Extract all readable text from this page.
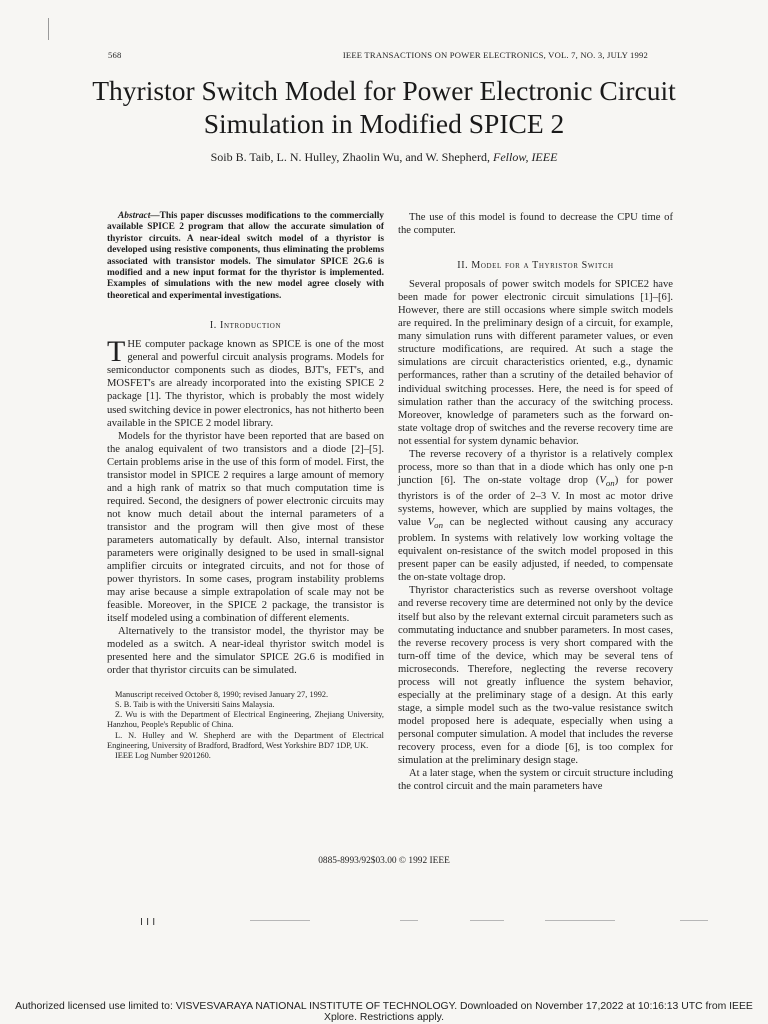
568	IEEE TRANSACTIONS ON POWER ELECTRONICS, VOL. 7, NO. 3, JULY 1992
Thyristor Switch Model for Power Electronic Circuit
Simulation in Modified SPICE 2
Soib B. Taib, L. N. Hulley, Zhaolin Wu, and W. Shepherd, Fellow, IEEE

Abstract—This paper discusses modifications to the commercially available SPICE 2 program that allow the accurate simulation of thyristor circuits. A near-ideal switch model of a thyristor is developed using resistive components, thus eliminating the problems associated with transistor models. The simulator SPICE 2G.6 is modified and a new input format for the thyristor is implemented. Examples of simulations with the new model agree closely with theoretical and experimental investigations.

I. Introduction

THE computer package known as SPICE is one of the most general and powerful circuit analysis programs. Models for semiconductor components such as diodes, BJT's, FET's, and MOSFET's are already incorporated into the existing SPICE 2 package [1]. The thyristor, which is probably the most widely used switching device in power electronics, has not hitherto been available in the SPICE 2 model library.

Models for the thyristor have been reported that are based on the analog equivalent of two transistors and a diode [2]–[5]. Certain problems arise in the use of this form of model. First, the transistor model in SPICE 2 requires a large amount of memory and a high rank of matrix so that much computation time is required. Second, the designers of power electronic circuits may not know much detail about the internal parameters of a transistor and the program will then give most of these parameters automatically by default. Also, internal transistor parameters were originally designed to be used in small-signal amplifier circuits or integrated circuits, and not for those of power thyristors. In some cases, program instability problems may arise because a simple extrapolation of scale may not be feasible. Moreover, in the SPICE 2 package, the transistor is itself modeled using a combination of different elements.

Alternatively to the transistor model, the thyristor may be modeled as a switch. A near-ideal thyristor switch model is presented here and the simulator SPICE 2G.6 is modified in order that thyristor circuits can be simulated.

Manuscript received October 8, 1990; revised January 27, 1992.

S. B. Taib is with the Universiti Sains Malaysia.

Z. Wu is with the Department of Electrical Engineering, Zhejiang University, Hanzhou, People's Republic of China.

L. N. Hulley and W. Shepherd are with the Department of Electrical Engineering, University of Bradford, Bradford, West Yorkshire BD7 1DP, UK.

IEEE Log Number 9201260.

The use of this model is found to decrease the CPU time of the computer.

II. Model for a Thyristor Switch

Several proposals of power switch models for SPICE2 have been made for power electronic circuit simulations [1]–[6]. However, there are still occasions where simple switch models are required. In the preliminary design of a circuit, for example, many simulation runs with different parameter values, or even structure modifications, are required. At such a stage the simulations are circuit characteristics oriented, e.g., dynamic performances, rather than a scrutiny of the detailed behavior of individual switching processes. Here, the need is for speed of simulation rather than the accuracy of the switching process. Moreover, knowledge of parameters such as the forward on-state voltage drop of switches and the reverse recovery time are not essential for system dynamic behavior.

The reverse recovery of a thyristor is a relatively complex process, more so than that in a diode which has only one p-n junction [6]. The on-state voltage drop $(V_{on})$ for power thyristors is of the order of 2–3 V. In most ac motor drive systems, however, which are supplied by mains voltages, the value $V_{on}$ can be neglected without causing any accuracy problem. In systems with relatively low working voltage the equivalent on-resistance of the switch model proposed in this present paper can be easily adjusted, if needed, to compensate the on-state voltage drop.

Thyristor characteristics such as reverse overshoot voltage and reverse recovery time are determined not only by the device itself but also by the relevant external circuit parameters such as commutating inductance and snubber parameters. In most cases, the reverse recovery process is very short compared with the turn-off time of the device, which may be several tens of microseconds. Therefore, neglecting the reverse recovery process will not greatly influence the system behavior, especially at the preliminary stage of a design. At this early stage, a simple model such as the two-value resistance switch model proposed here is adequate, especially when using a personal computer simulation. A model that includes the reverse recovery process, even for a diode [6], is too complex for simulation at the preliminary design stage.

At a later stage, when the system or circuit structure including the control circuit and the main parameters have

0885-8993/92$03.00 © 1992 IEEE
I I I
Authorized licensed use limited to: VISVESVARAYA NATIONAL INSTITUTE OF TECHNOLOGY. Downloaded on November 17,2022 at 10:16:13 UTC from IEEE Xplore. Restrictions apply.
